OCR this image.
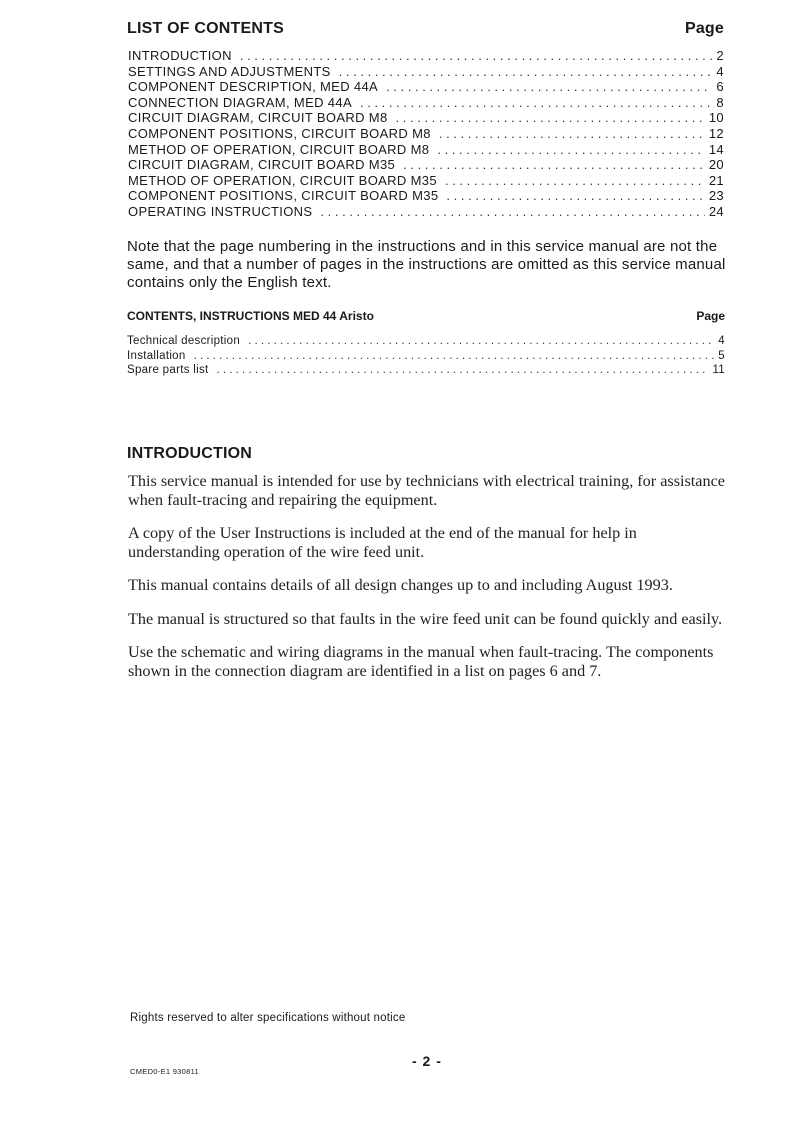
LIST OF CONTENTS	Page
INTRODUCTION . . .	2
SETTINGS AND ADJUSTMENTS . . .	4
COMPONENT DESCRIPTION, MED 44A . . .	6
CONNECTION DIAGRAM, MED 44A . . .	8
CIRCUIT DIAGRAM, CIRCUIT BOARD M8 . . .	10
COMPONENT POSITIONS, CIRCUIT BOARD M8 . . .	12
METHOD OF OPERATION, CIRCUIT BOARD M8 . . .	14
CIRCUIT DIAGRAM, CIRCUIT BOARD M35 . . .	20
METHOD OF OPERATION, CIRCUIT BOARD M35 . . .	21
COMPONENT POSITIONS, CIRCUIT BOARD M35 . . .	23
OPERATING INSTRUCTIONS . . .	24
Note that the page numbering in the instructions and in this service manual are not the same, and that a number of pages in the instructions are omitted as this service manual contains only the English text.
CONTENTS, INSTRUCTIONS MED 44 Aristo	Page
Technical description . . .	4
Installation . . .	5
Spare parts list . . .	11
INTRODUCTION

This service manual is intended for use by technicians with electrical training, for assistance when fault-tracing and repairing the equipment.

A copy of the User Instructions is included at the end of the manual for help in understanding operation of the wire feed unit.

This manual contains details of all design changes up to and including August 1993.

The manual is structured so that faults in the wire feed unit can be found quickly and easily.

Use the schematic and wiring diagrams in the manual when fault-tracing. The components shown in the connection diagram are identified in a list on pages 6 and 7.

Rights reserved to alter specifications without notice
- 2 -
CMED0-E1 930811
